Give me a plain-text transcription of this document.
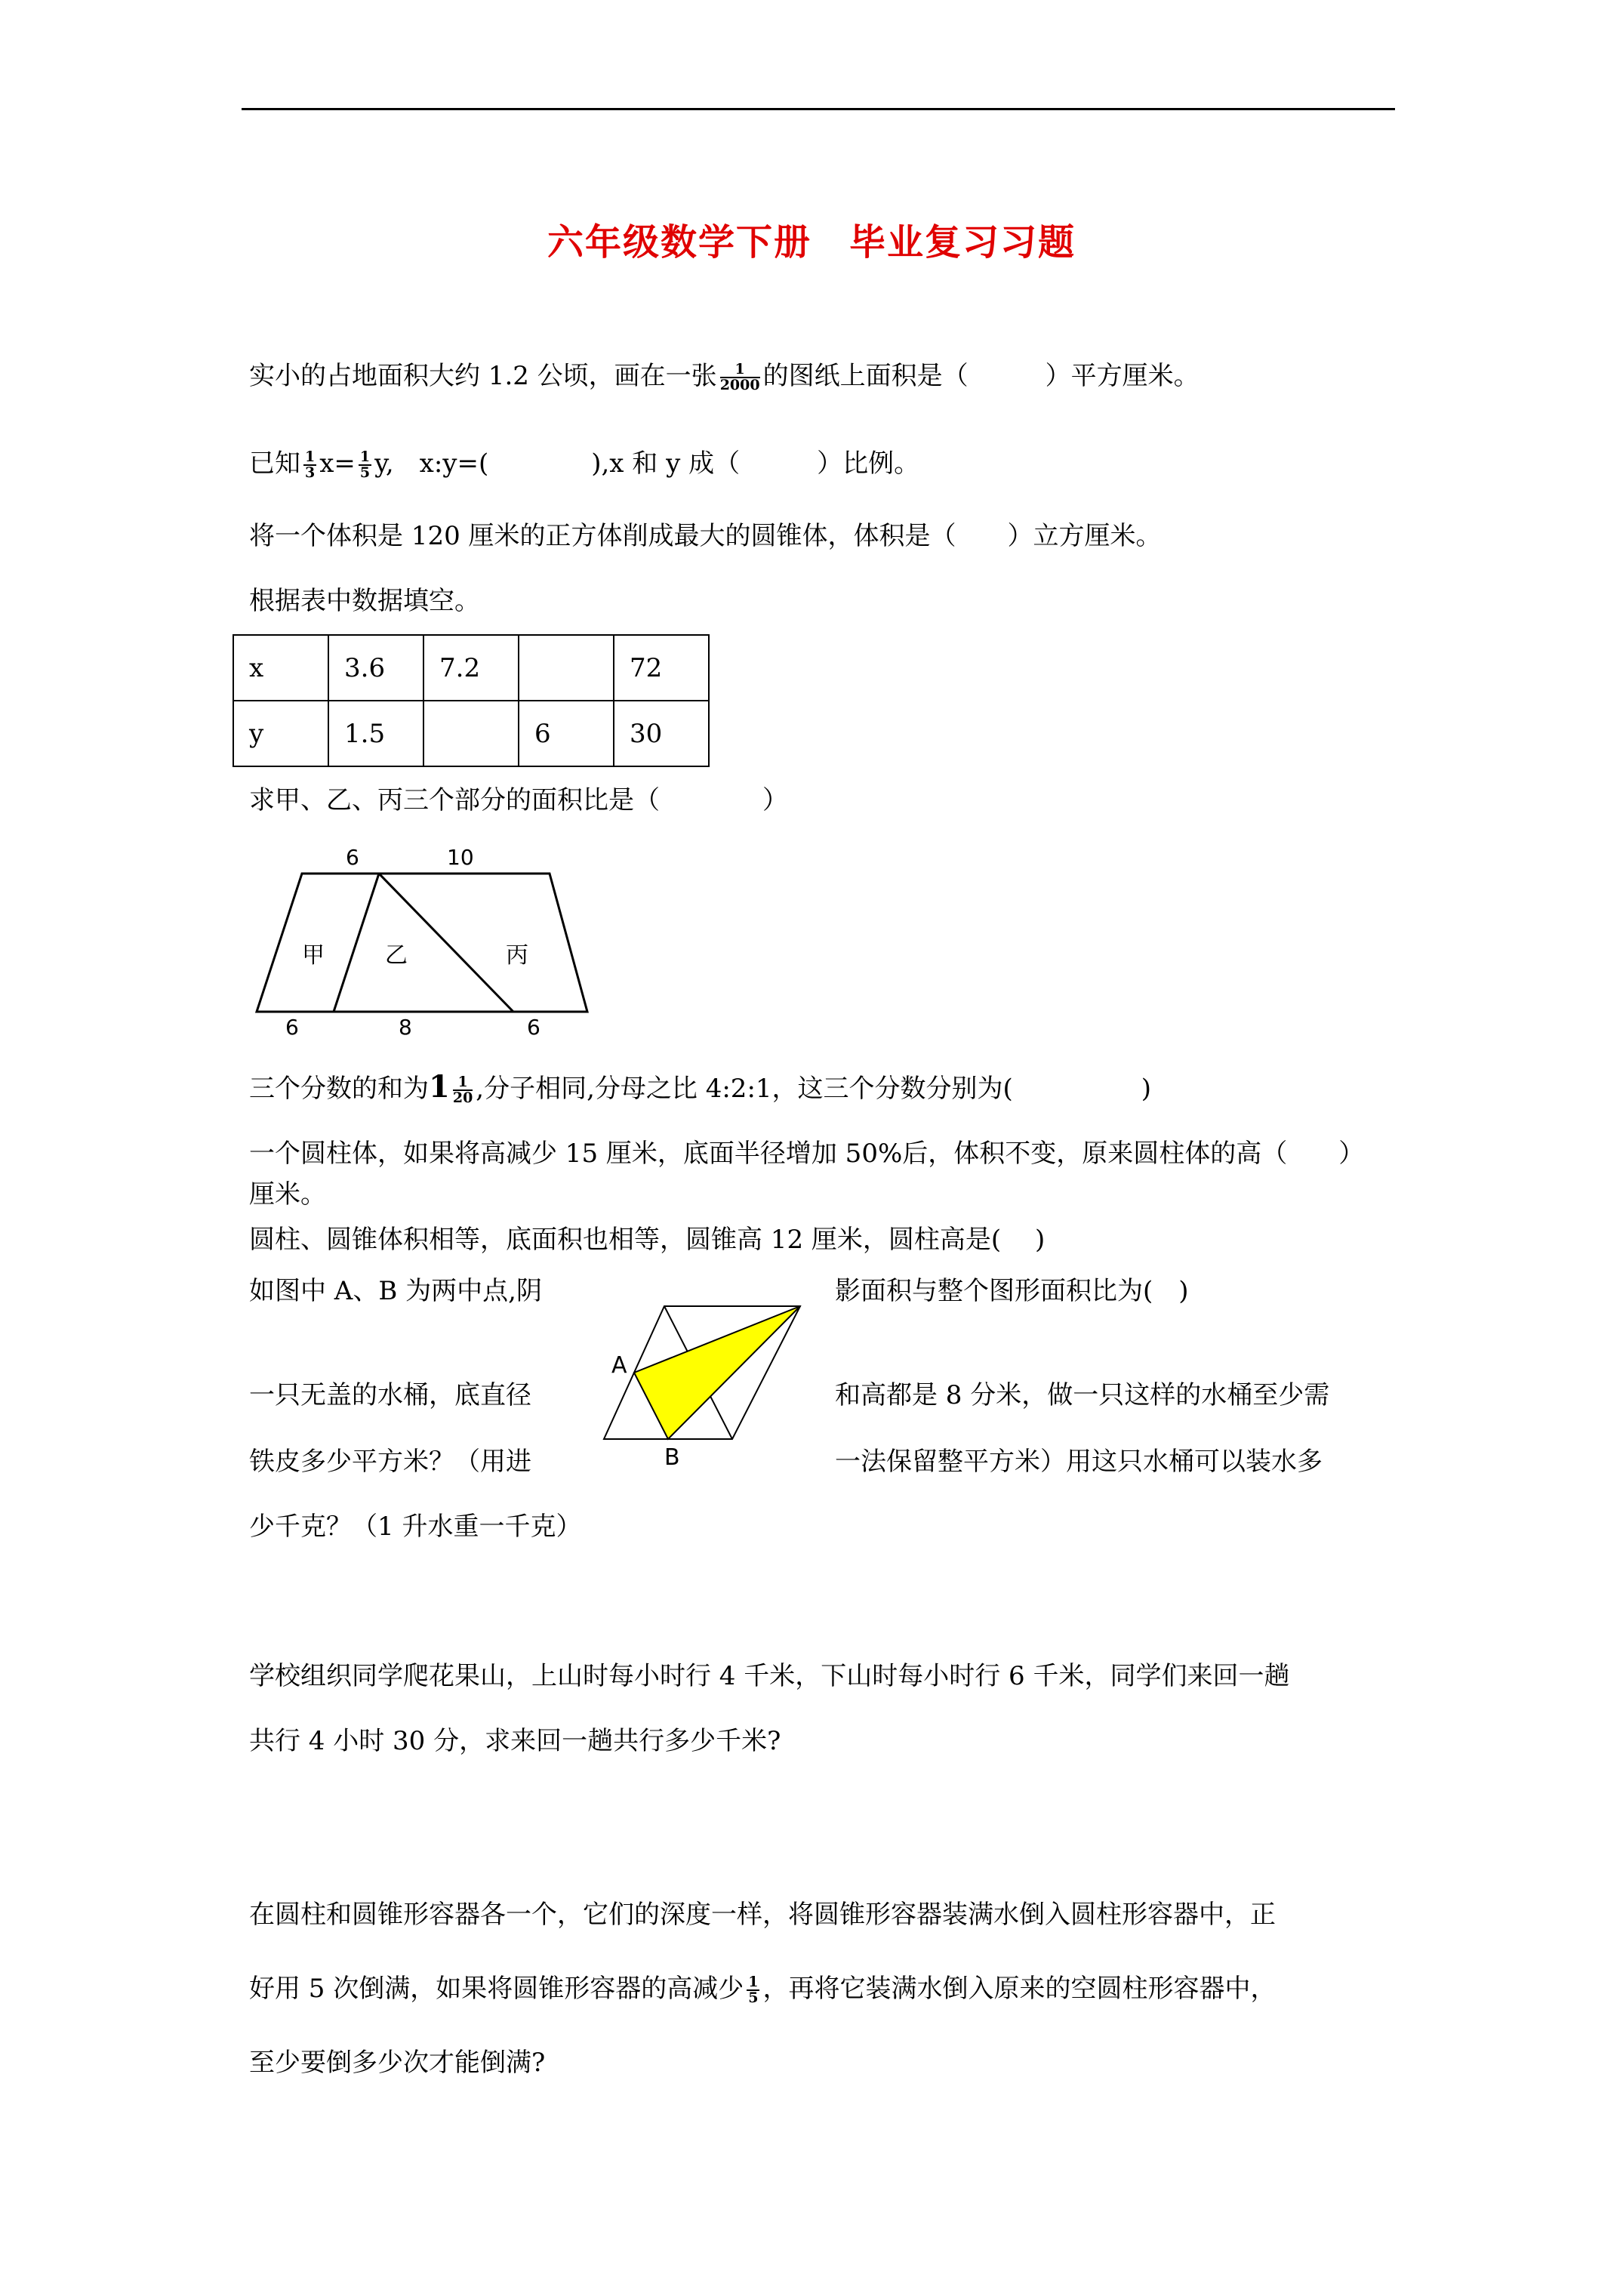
六年级数学下册　毕业复习习题
实小的占地面积大约 1.2 公顷，画在一张 $\frac{1}{2000}$ 的图纸上面积是（　　　）平方厘米。
已知 $\frac{1}{3} x= \frac{1}{5} y$,　x:y=(　　　　),x 和 y 成（　　　）比例。
将一个体积是 120 厘米的正方体削成最大的圆锥体，体积是（　　）立方厘米。
根据表中数据填空。
x	3.6	7.2		72
y	1.5		6	30
求甲、乙、丙三个部分的面积比是（　　　　）
6	10
6	8	6
甲	乙	丙
三个分数的和为$1 \frac{1}{20}$ ,分子相同,分母之比 4:2:1，这三个分数分别为(　　　　　)
一个圆柱体，如果将高减少 15 厘米，底面半径增加 50%后，体积不变，原来圆柱体的高（　　）
厘米。
圆柱、圆锥体积相等，底面积也相等，圆锥高 12 厘米，圆柱高是(　 )
如图中 A、B 为两中点,阴	影面积与整个图形面积比为(　)
A
B
一只无盖的水桶，底直径	和高都是 8 分米，做一只这样的水桶至少需
铁皮多少平方米？（用进	一法保留整平方米）用这只水桶可以装水多
少千克？（1 升水重一千克）
学校组织同学爬花果山，上山时每小时行 4 千米，下山时每小时行 6 千米，同学们来回一趟
共行 4 小时 30 分，求来回一趟共行多少千米?
在圆柱和圆锥形容器各一个，它们的深度一样，将圆锥形容器装满水倒入圆柱形容器中，正
好用 5 次倒满，如果将圆锥形容器的高减少 $\frac{1}{5}$ ，再将它装满水倒入原来的空圆柱形容器中，
至少要倒多少次才能倒满?
